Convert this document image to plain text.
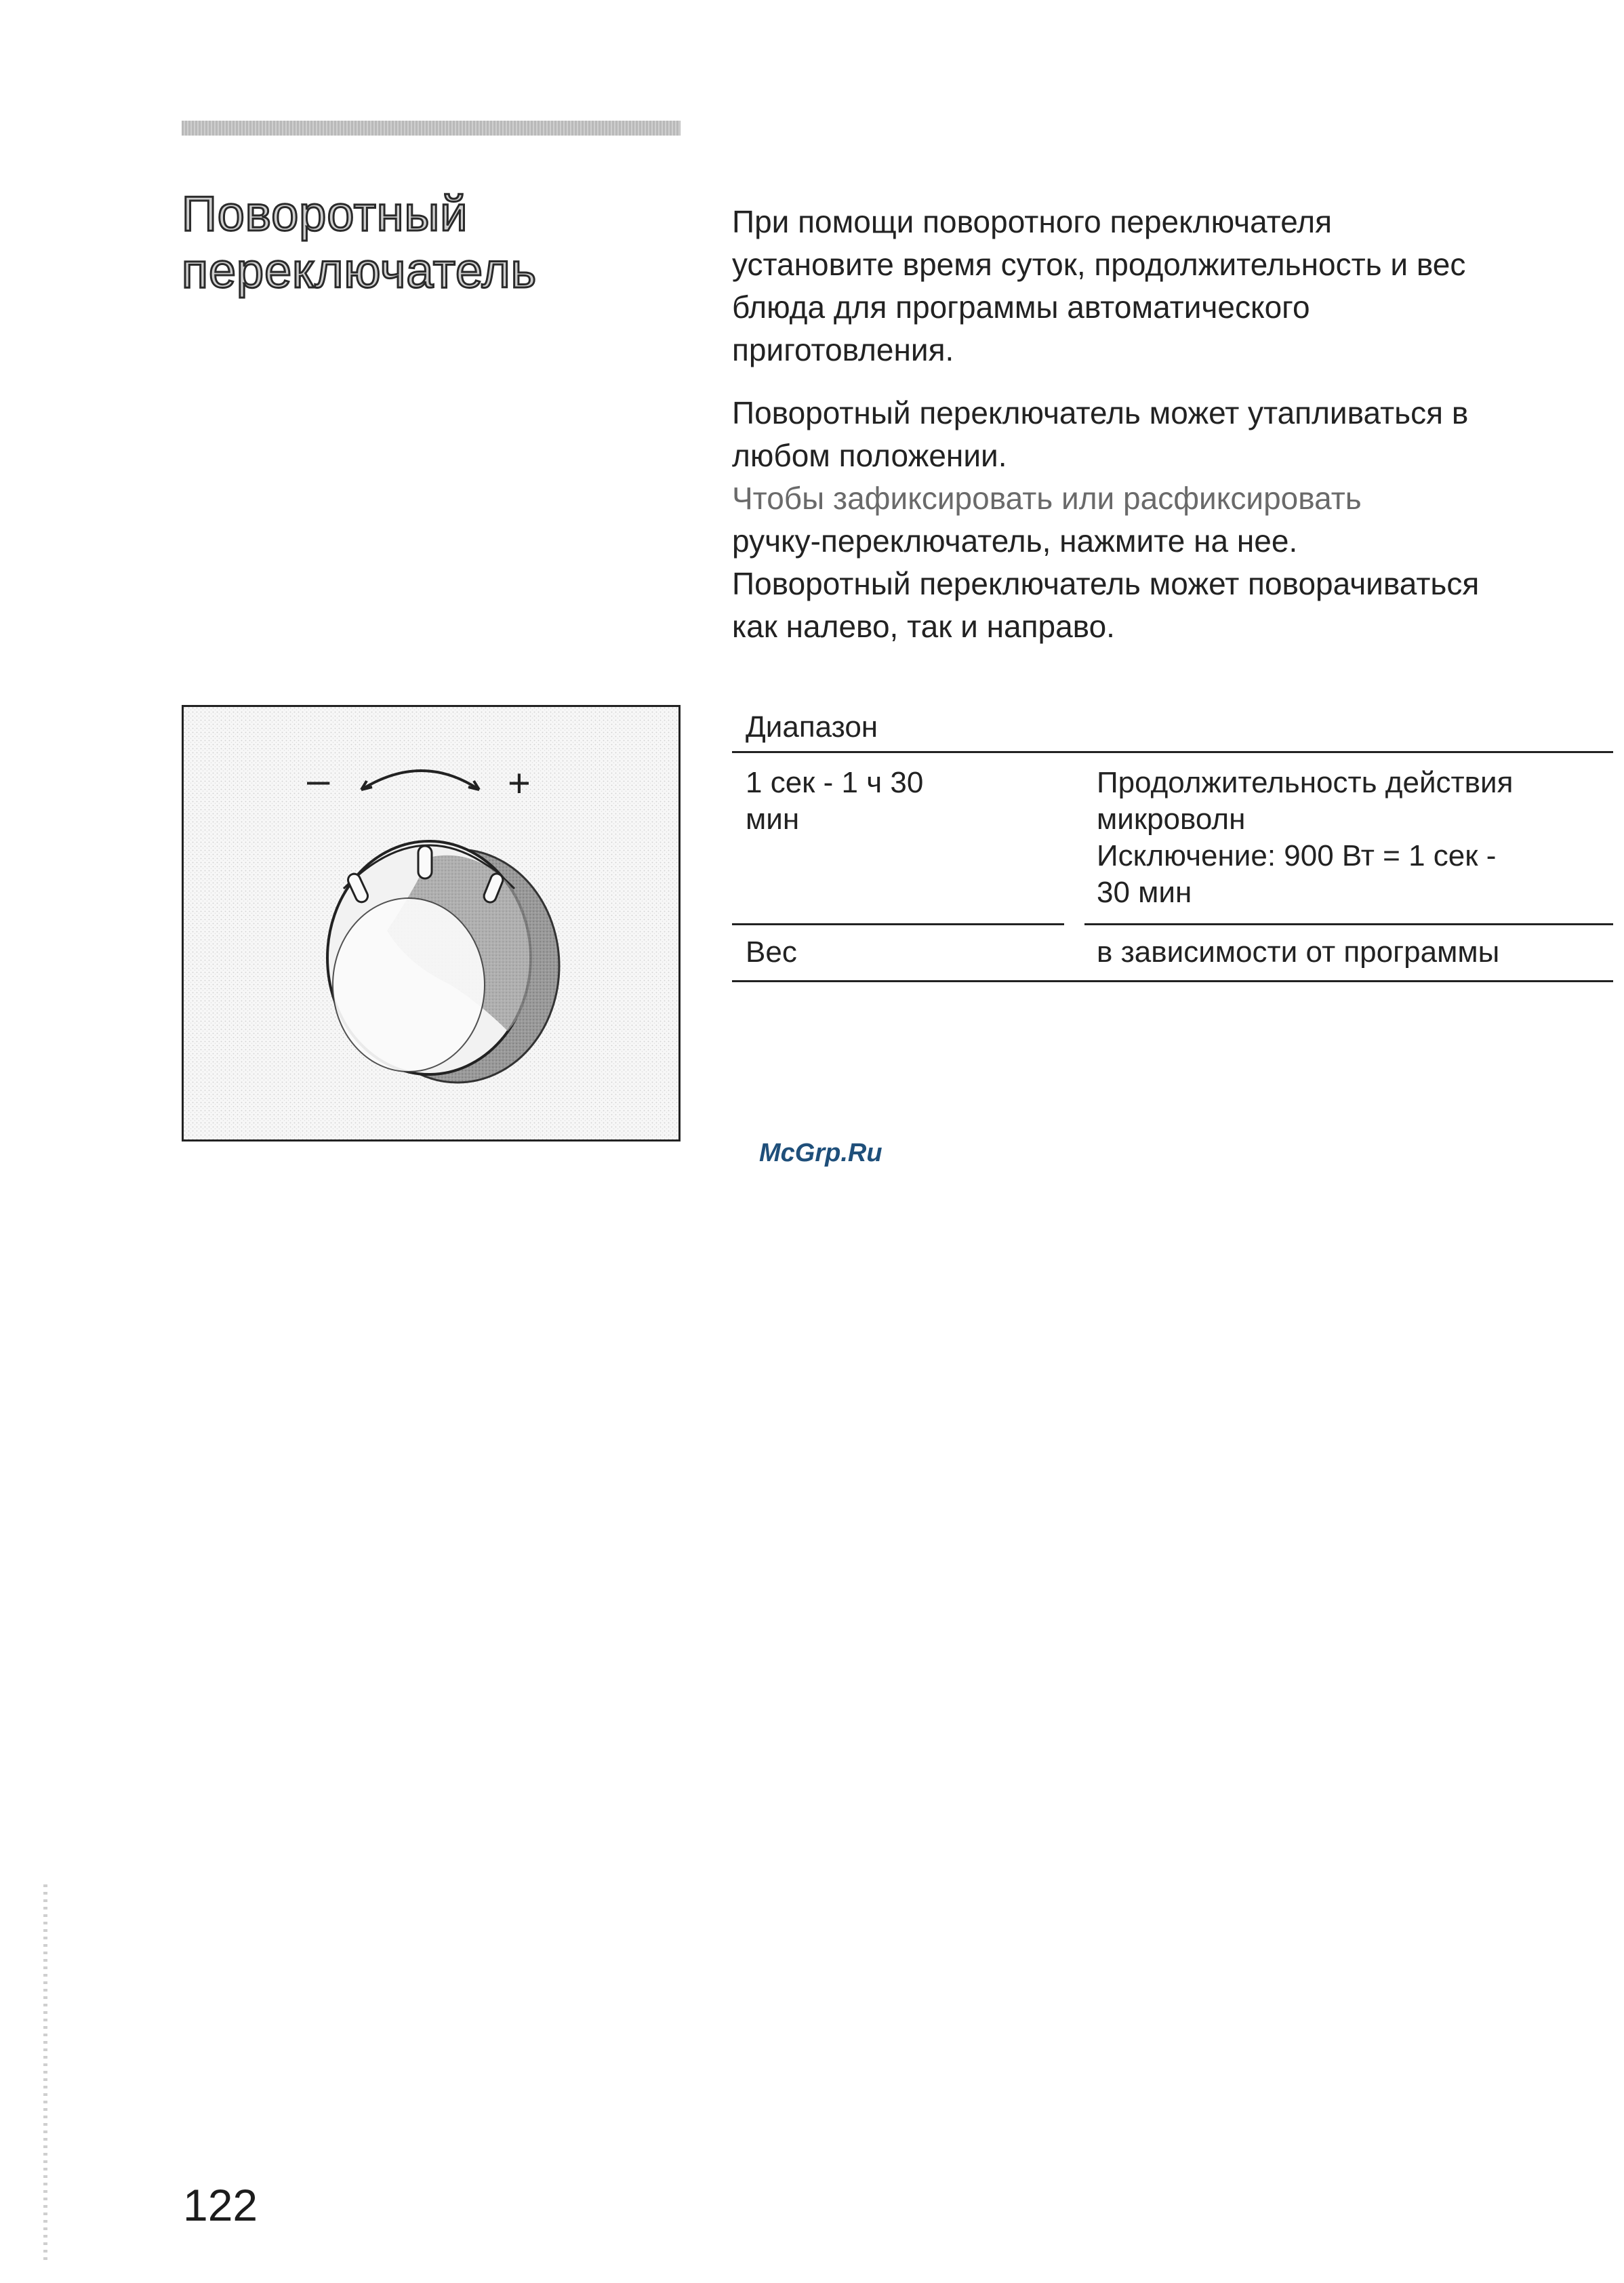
Поворотный
переключатель
При помощи поворотного переключателя
установите время суток, продолжительность и вес
блюда для программы автоматического
приготовления.
Поворотный переключатель может утапливаться в
любом положении.
Чтобы зафиксировать или расфиксировать
ручку-переключатель, нажмите на нее.
Поворотный переключатель может поворачиваться
как налево, так и направо.
–	+
Диапазон
1 сек - 1 ч 30
мин
Продолжительность действия
микроволн
Исключение: 900 Вт = 1 сек -
30 мин
Вес	в зависимости от программы
McGrp.Ru
122
